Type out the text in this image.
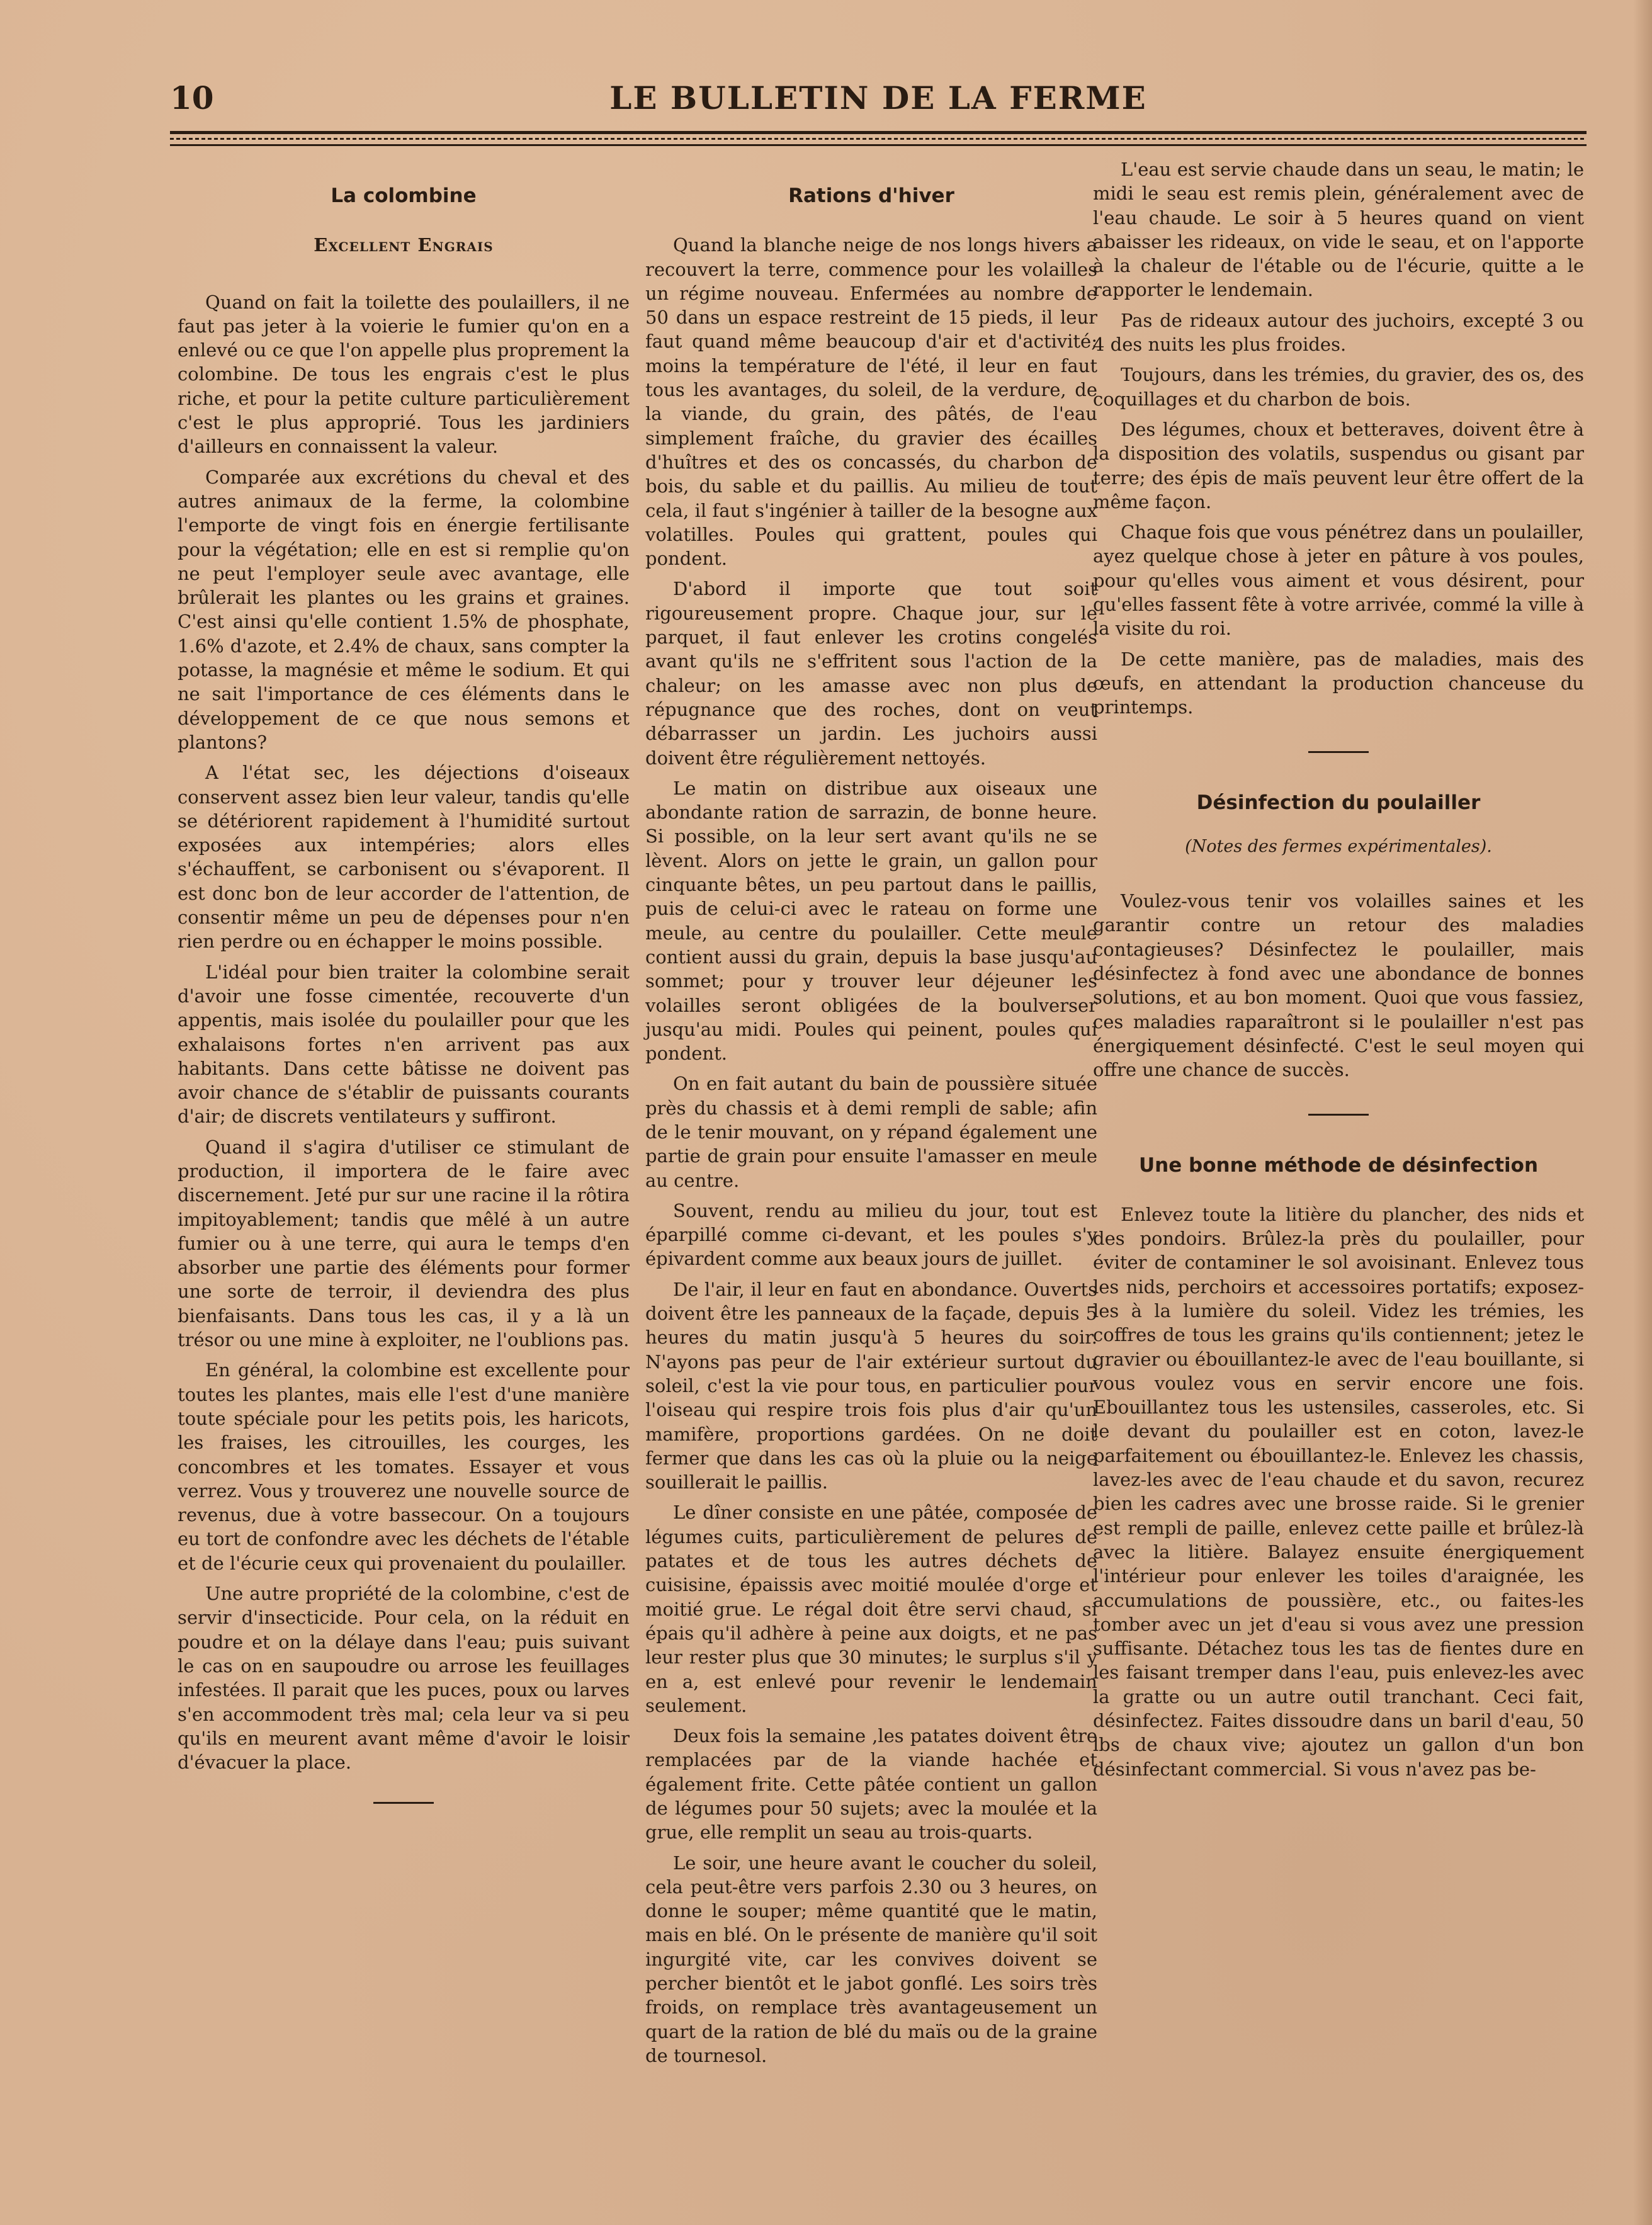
10	LE BULLETIN DE LA FERME
La colombine
Excellent Engrais

Quand on fait la toilette des poulaillers, il ne faut pas jeter à la voierie le fumier qu'on en a enlevé ou ce que l'on appelle plus proprement la colombine. De tous les engrais c'est le plus riche, et pour la petite culture particulièrement c'est le plus approprié. Tous les jardiniers d'ailleurs en connaissent la valeur.

Comparée aux excrétions du cheval et des autres animaux de la ferme, la colombine l'emporte de vingt fois en énergie fertilisante pour la végétation; elle en est si remplie qu'on ne peut l'employer seule avec avantage, elle brûlerait les plantes ou les grains et graines. C'est ainsi qu'elle contient 1.5% de phosphate, 1.6% d'azote, et 2.4% de chaux, sans compter la potasse, la magnésie et même le sodium. Et qui ne sait l'importance de ces éléments dans le développement de ce que nous semons et plantons?

A l'état sec, les déjections d'oiseaux conservent assez bien leur valeur, tandis qu'elle se détériorent rapidement à l'humidité surtout exposées aux intempéries; alors elles s'échauffent, se carbonisent ou s'évaporent. Il est donc bon de leur accorder de l'attention, de consentir même un peu de dépenses pour n'en rien perdre ou en échapper le moins possible.

L'idéal pour bien traiter la colombine serait d'avoir une fosse cimentée, recouverte d'un appentis, mais isolée du poulailler pour que les exhalaisons fortes n'en arrivent pas aux habitants. Dans cette bâtisse ne doivent pas avoir chance de s'établir de puissants courants d'air; de discrets ventilateurs y suffiront.

Quand il s'agira d'utiliser ce stimulant de production, il importera de le faire avec discernement. Jeté pur sur une racine il la rôtira impitoyablement; tandis que mêlé à un autre fumier ou à une terre, qui aura le temps d'en absorber une partie des éléments pour former une sorte de terroir, il deviendra des plus bienfaisants. Dans tous les cas, il y a là un trésor ou une mine à exploiter, ne l'oublions pas.

En général, la colombine est excellente pour toutes les plantes, mais elle l'est d'une manière toute spéciale pour les petits pois, les haricots, les fraises, les citrouilles, les courges, les concombres et les tomates. Essayer et vous verrez. Vous y trouverez une nouvelle source de revenus, due à votre bassecour. On a toujours eu tort de confondre avec les déchets de l'étable et de l'écurie ceux qui provenaient du poulailler.

Une autre propriété de la colombine, c'est de servir d'insecticide. Pour cela, on la réduit en poudre et on la délaye dans l'eau; puis suivant le cas on en saupoudre ou arrose les feuillages infestées. Il parait que les puces, poux ou larves s'en accommodent très mal; cela leur va si peu qu'ils en meurent avant même d'avoir le loisir d'évacuer la place.

Rations d'hiver

Quand la blanche neige de nos longs hivers a recouvert la terre, commence pour les volailles un régime nouveau. Enfermées au nombre de 50 dans un espace restreint de 15 pieds, il leur faut quand même beaucoup d'air et d'activité; moins la température de l'été, il leur en faut tous les avantages, du soleil, de la verdure, de la viande, du grain, des pâtés, de l'eau simplement fraîche, du gravier des écailles d'huîtres et des os concassés, du charbon de bois, du sable et du paillis. Au milieu de tout cela, il faut s'ingénier à tailler de la besogne aux volatilles. Poules qui grattent, poules qui pondent.

D'abord il importe que tout soit rigoureusement propre. Chaque jour, sur le parquet, il faut enlever les crotins congelés avant qu'ils ne s'effritent sous l'action de la chaleur; on les amasse avec non plus de répugnance que des roches, dont on veut débarrasser un jardin. Les juchoirs aussi doivent être régulièrement nettoyés.

Le matin on distribue aux oiseaux une abondante ration de sarrazin, de bonne heure. Si possible, on la leur sert avant qu'ils ne se lèvent. Alors on jette le grain, un gallon pour cinquante bêtes, un peu partout dans le paillis, puis de celui-ci avec le rateau on forme une meule, au centre du poulailler. Cette meule contient aussi du grain, depuis la base jusqu'au sommet; pour y trouver leur déjeuner les volailles seront obligées de la boulverser jusqu'au midi. Poules qui peinent, poules qui pondent.

On en fait autant du bain de poussière située près du chassis et à demi rempli de sable; afin de le tenir mouvant, on y répand également une partie de grain pour ensuite l'amasser en meule au centre.

Souvent, rendu au milieu du jour, tout est éparpillé comme ci-devant, et les poules s'y épivardent comme aux beaux jours de juillet.

De l'air, il leur en faut en abondance. Ouverts doivent être les panneaux de la façade, depuis 5 heures du matin jusqu'à 5 heures du soir. N'ayons pas peur de l'air extérieur surtout du soleil, c'est la vie pour tous, en particulier pour l'oiseau qui respire trois fois plus d'air qu'un mamifère, proportions gardées. On ne doit fermer que dans les cas où la pluie ou la neige souillerait le paillis.

Le dîner consiste en une pâtée, composée de légumes cuits, particulièrement de pelures de patates et de tous les autres déchets de cuisisine, épaissis avec moitié moulée d'orge et moitié grue. Le régal doit être servi chaud, si épais qu'il adhère à peine aux doigts, et ne pas leur rester plus que 30 minutes; le surplus s'il y en a, est enlevé pour revenir le lendemain seulement.

Deux fois la semaine ,les patates doivent être remplacées par de la viande hachée et également frite. Cette pâtée contient un gallon de légumes pour 50 sujets; avec la moulée et la grue, elle remplit un seau au trois-quarts.

Le soir, une heure avant le coucher du soleil, cela peut-être vers parfois 2.30 ou 3 heures, on donne le souper; même quantité que le matin, mais en blé. On le présente de manière qu'il soit ingurgité vite, car les convives doivent se percher bientôt et le jabot gonflé. Les soirs très froids, on remplace très avantageusement un quart de la ration de blé du maïs ou de la graine de tournesol.

L'eau est servie chaude dans un seau, le matin; le midi le seau est remis plein, généralement avec de l'eau chaude. Le soir à 5 heures quand on vient abaisser les rideaux, on vide le seau, et on l'apporte à la chaleur de l'étable ou de l'écurie, quitte a le rapporter le lendemain.

Pas de rideaux autour des juchoirs, excepté 3 ou 4 des nuits les plus froides.

Toujours, dans les trémies, du gravier, des os, des coquillages et du charbon de bois.

Des légumes, choux et betteraves, doivent être à la disposition des volatils, suspendus ou gisant par terre; des épis de maïs peuvent leur être offert de la même façon.

Chaque fois que vous pénétrez dans un poulailler, ayez quelque chose à jeter en pâture à vos poules, pour qu'elles vous aiment et vous désirent, pour qu'elles fassent fête à votre arrivée, commé la ville à la visite du roi.

De cette manière, pas de maladies, mais des œufs, en attendant la production chanceuse du printemps.

Désinfection du poulailler
(Notes des fermes expérimentales).

Voulez-vous tenir vos volailles saines et les garantir contre un retour des maladies contagieuses? Désinfectez le poulailler, mais désinfectez à fond avec une abondance de bonnes solutions, et au bon moment. Quoi que vous fassiez, ces maladies raparaîtront si le poulailler n'est pas énergiquement désinfecté. C'est le seul moyen qui offre une chance de succès.

Une bonne méthode de désinfection

Enlevez toute la litière du plancher, des nids et des pondoirs. Brûlez-la près du poulailler, pour éviter de contaminer le sol avoisinant. Enlevez tous les nids, perchoirs et accessoires portatifs; exposez-les à la lumière du soleil. Videz les trémies, les coffres de tous les grains qu'ils contiennent; jetez le gravier ou ébouillantez-le avec de l'eau bouillante, si vous voulez vous en servir encore une fois. Ebouillantez tous les ustensiles, casseroles, etc. Si le devant du poulailler est en coton, lavez-le parfaitement ou ébouillantez-le. Enlevez les chassis, lavez-les avec de l'eau chaude et du savon, recurez bien les cadres avec une brosse raide. Si le grenier est rempli de paille, enlevez cette paille et brûlez-là avec la litière. Balayez ensuite énergiquement l'intérieur pour enlever les toiles d'araignée, les accumulations de poussière, etc., ou faites-les tomber avec un jet d'eau si vous avez une pression suffisante. Détachez tous les tas de fientes dure en les faisant tremper dans l'eau, puis enlevez-les avec la gratte ou un autre outil tranchant. Ceci fait, désinfectez. Faites dissoudre dans un baril d'eau, 50 lbs de chaux vive; ajoutez un gallon d'un bon désinfectant commercial. Si vous n'avez pas be-
